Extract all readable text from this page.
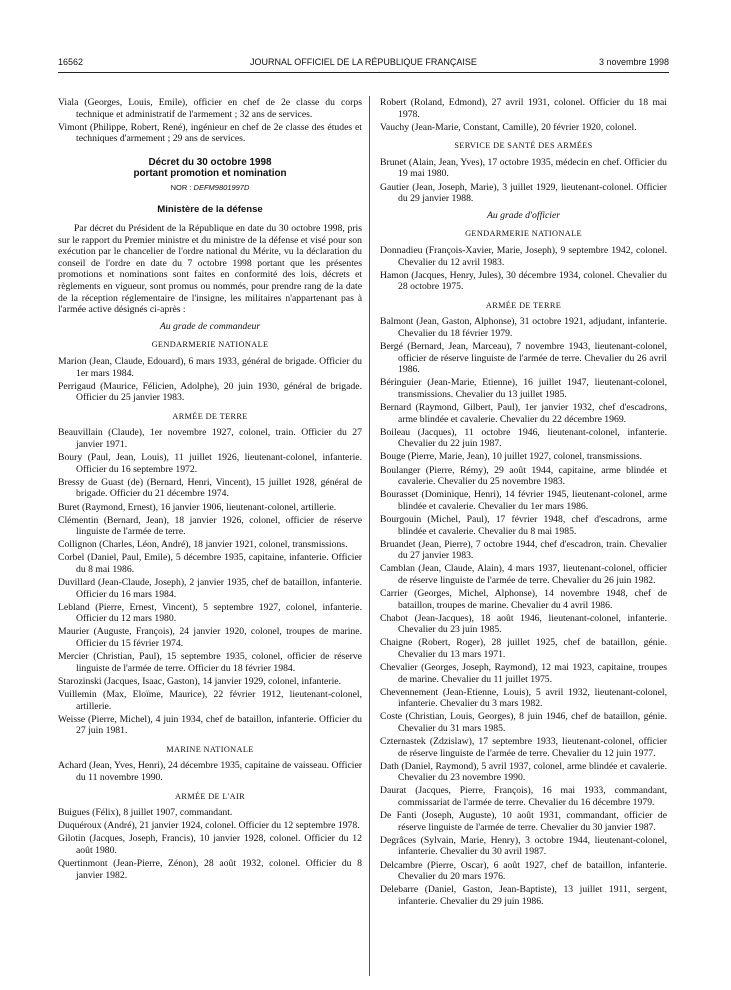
16562	JOURNAL OFFICIEL DE LA RÉPUBLIQUE FRANÇAISE	3 novembre 1998

Viala (Georges, Louis, Emile), officier en chef de 2e classe du corps technique et administratif de l'armement ; 32 ans de services.

Vimont (Philippe, Robert, René), ingénieur en chef de 2e classe des études et techniques d'armement ; 29 ans de services.

Décret du 30 octobre 1998
portant promotion et nomination
NOR : DEFM9801997D
Ministère de la défense

Par décret du Président de la République en date du 30 octobre 1998, pris sur le rapport du Premier ministre et du ministre de la défense et visé pour son exécution par le chancelier de l'ordre national du Mérite, vu la déclaration du conseil de l'ordre en date du 7 octobre 1998 portant que les présentes promotions et nominations sont faites en conformité des lois, décrets et règlements en vigueur, sont promus ou nommés, pour prendre rang de la date de la réception réglementaire de l'insigne, les militaires n'appartenant pas à l'armée active désignés ci-après :

Au grade de commandeur
GENDARMERIE NATIONALE

Marion (Jean, Claude, Edouard), 6 mars 1933, général de brigade. Officier du 1er mars 1984.

Perrigaud (Maurice, Félicien, Adolphe), 20 juin 1930, général de brigade. Officier du 25 janvier 1983.

ARMÉE DE TERRE

Beauvillain (Claude), 1er novembre 1927, colonel, train. Officier du 27 janvier 1971.

Boury (Paul, Jean, Louis), 11 juillet 1926, lieutenant-colonel, infanterie. Officier du 16 septembre 1972.

Bressy de Guast (de) (Bernard, Henri, Vincent), 15 juillet 1928, général de brigade. Officier du 21 décembre 1974.

Buret (Raymond, Ernest), 16 janvier 1906, lieutenant-colonel, artillerie.

Clémentin (Bernard, Jean), 18 janvier 1926, colonel, officier de réserve linguiste de l'armée de terre.

Collignon (Charles, Léon, André), 18 janvier 1921, colonel, transmissions.

Corbel (Daniel, Paul, Emile), 5 décembre 1935, capitaine, infanterie. Officier du 8 mai 1986.

Duvillard (Jean-Claude, Joseph), 2 janvier 1935, chef de bataillon, infanterie. Officier du 16 mars 1984.

Lebland (Pierre, Ernest, Vincent), 5 septembre 1927, colonel, infanterie. Officier du 12 mars 1980.

Maurier (Auguste, François), 24 janvier 1920, colonel, troupes de marine. Officier du 15 février 1974.

Mercier (Christian, Paul), 15 septembre 1935, colonel, officier de réserve linguiste de l'armée de terre. Officier du 18 février 1984.

Starozinski (Jacques, Isaac, Gaston), 14 janvier 1929, colonel, infanterie.

Vuillemin (Max, Eloïme, Maurice), 22 février 1912, lieutenant-colonel, artillerie.

Weisse (Pierre, Michel), 4 juin 1934, chef de bataillon, infanterie. Officier du 27 juin 1981.

MARINE NATIONALE

Achard (Jean, Yves, Henri), 24 décembre 1935, capitaine de vaisseau. Officier du 11 novembre 1990.

ARMÉE DE L'AIR

Buigues (Félix), 8 juillet 1907, commandant.

Duquéroux (André), 21 janvier 1924, colonel. Officier du 12 septembre 1978.

Gilotin (Jacques, Joseph, Francis), 10 janvier 1928, colonel. Officier du 12 août 1980.

Quertinmont (Jean-Pierre, Zénon), 28 août 1932, colonel. Officier du 8 janvier 1982.

Robert (Roland, Edmond), 27 avril 1931, colonel. Officier du 18 mai 1978.

Vauchy (Jean-Marie, Constant, Camille), 20 février 1920, colonel.

SERVICE DE SANTÉ DES ARMÉES

Brunet (Alain, Jean, Yves), 17 octobre 1935, médecin en chef. Officier du 19 mai 1980.

Gautier (Jean, Joseph, Marie), 3 juillet 1929, lieutenant-colonel. Officier du 29 janvier 1988.

Au grade d'officier
GENDARMERIE NATIONALE

Donnadieu (François-Xavier, Marie, Joseph), 9 septembre 1942, colonel. Chevalier du 12 avril 1983.

Hamon (Jacques, Henry, Jules), 30 décembre 1934, colonel. Chevalier du 28 octobre 1975.

ARMÉE DE TERRE

Balmont (Jean, Gaston, Alphonse), 31 octobre 1921, adjudant, infanterie. Chevalier du 18 février 1979.

Bergé (Bernard, Jean, Marceau), 7 novembre 1943, lieutenant-colonel, officier de réserve linguiste de l'armée de terre. Chevalier du 26 avril 1986.

Béringuier (Jean-Marie, Etienne), 16 juillet 1947, lieutenant-colonel, transmissions. Chevalier du 13 juillet 1985.

Bernard (Raymond, Gilbert, Paul), 1er janvier 1932, chef d'escadrons, arme blindée et cavalerie. Chevalier du 22 décembre 1969.

Boileau (Jacques), 11 octobre 1946, lieutenant-colonel, infanterie. Chevalier du 22 juin 1987.

Bouge (Pierre, Marie, Jean), 10 juillet 1927, colonel, transmissions.

Boulanger (Pierre, Rémy), 29 août 1944, capitaine, arme blindée et cavalerie. Chevalier du 25 novembre 1983.

Bourasset (Dominique, Henri), 14 février 1945, lieutenant-colonel, arme blindée et cavalerie. Chevalier du 1er mars 1986.

Bourgouin (Michel, Paul), 17 février 1948, chef d'escadrons, arme blindée et cavalerie. Chevalier du 8 mai 1985.

Bruandet (Jean, Pierre), 7 octobre 1944, chef d'escadron, train. Chevalier du 27 janvier 1983.

Camblan (Jean, Claude, Alain), 4 mars 1937, lieutenant-colonel, officier de réserve linguiste de l'armée de terre. Chevalier du 26 juin 1982.

Carrier (Georges, Michel, Alphonse), 14 novembre 1948, chef de bataillon, troupes de marine. Chevalier du 4 avril 1986.

Chabot (Jean-Jacques), 18 août 1946, lieutenant-colonel, infanterie. Chevalier du 23 juin 1985.

Chaigne (Robert, Roger), 28 juillet 1925, chef de bataillon, génie. Chevalier du 13 mars 1971.

Chevalier (Georges, Joseph, Raymond), 12 mai 1923, capitaine, troupes de marine. Chevalier du 11 juillet 1975.

Chevennement (Jean-Etienne, Louis), 5 avril 1932, lieutenant-colonel, infanterie. Chevalier du 3 mars 1982.

Coste (Christian, Louis, Georges), 8 juin 1946, chef de bataillon, génie. Chevalier du 31 mars 1985.

Czternastek (Zdzislaw), 17 septembre 1933, lieutenant-colonel, officier de réserve linguiste de l'armée de terre. Chevalier du 12 juin 1977.

Dath (Daniel, Raymond), 5 avril 1937, colonel, arme blindée et cavalerie. Chevalier du 23 novembre 1990.

Daurat (Jacques, Pierre, François), 16 mai 1933, commandant, commissariat de l'armée de terre. Chevalier du 16 décembre 1979.

De Fanti (Joseph, Auguste), 10 août 1931, commandant, officier de réserve linguiste de l'armée de terre. Chevalier du 30 janvier 1987.

Degrâces (Sylvain, Marie, Henry), 3 octobre 1944, lieutenant-colonel, infanterie. Chevalier du 30 avril 1987.

Delcambre (Pierre, Oscar), 6 août 1927, chef de bataillon, infanterie. Chevalier du 20 mars 1976.

Delebarre (Daniel, Gaston, Jean-Baptiste), 13 juillet 1911, sergent, infanterie. Chevalier du 29 juin 1986.
